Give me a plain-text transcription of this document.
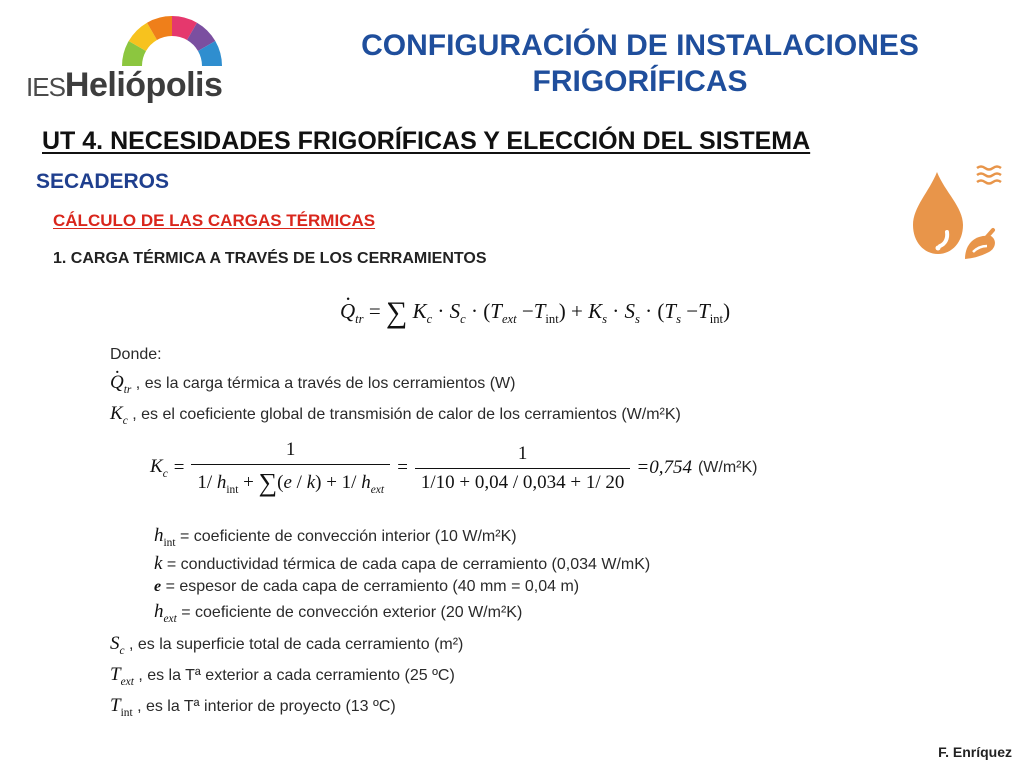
IESHeliópolis
CONFIGURACIÓN DE INSTALACIONES
FRIGORÍFICAS
UT 4. NECESIDADES FRIGORÍFICAS Y ELECCIÓN DEL SISTEMA
SECADEROS
CÁLCULO DE LAS CARGAS TÉRMICAS
1. CARGA TÉRMICA A TRAVÉS DE LOS CERRAMIENTOS
· $Q_{tr}$ = ∑ $K_c \cdot S_c \cdot (T_{ext} -T_{int}) + K_s \cdot S_s \cdot (T_s -T_{int})$
Donde:
· $Q_{tr}$ , es la carga térmica a través de los cerramientos (W)
$K_c$ , es el coeficiente global de transmisión de calor de los cerramientos (W/m²K)
$K_c = \frac{1}{1/ h_{int} + \sum(e / k) + 1/ h_{ext}} = \frac{1}{1/10 + 0,04 / 0,034 + 1/ 20} = 0,754$ (W/m²K)
$h_{int}$ = coeficiente de convección interior (10 W/m²K)
k = conductividad térmica de cada capa de cerramiento (0,034 W/mK)
e = espesor de cada capa de cerramiento (40 mm = 0,04 m)
$h_{ext}$ = coeficiente de convección exterior (20 W/m²K)
$S_c$ , es la superficie total de cada cerramiento (m²)
$T_{ext}$ , es la Tª exterior a cada cerramiento (25 ºC)
$T_{int}$ , es la Tª interior de proyecto (13 ºC)
F. Enríquez
